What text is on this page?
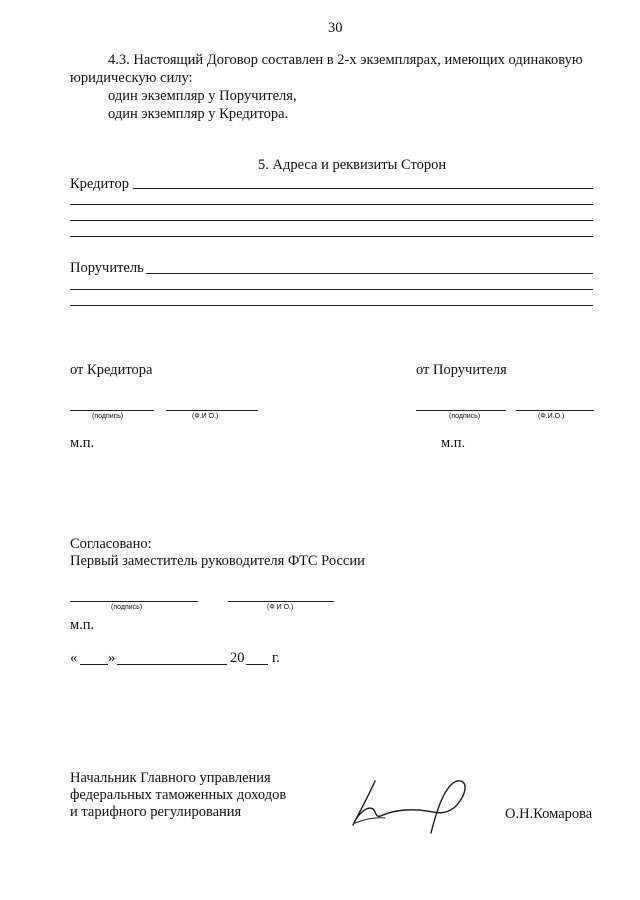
30
4.3. Настоящий Договор составлен в 2-х экземплярах, имеющих одинаковую
юридическую силу:
один экземпляр у Поручителя,
один экземпляр у Кредитора.
5. Адреса и реквизиты Сторон
Кредитор
Поручитель
от Кредитора	от Поручителя
(подпись)	(Ф.И О.)	(подпись)	(Ф.И.О.)
м.п.	м.п.
Согласовано:
Первый заместитель руководителя ФТС России
(подпись)	(Ф И О.)
м.п.
« »	20 г.
Начальник Главного управления
федеральных таможенных доходов
и тарифного регулирования	О.Н.Комарова
